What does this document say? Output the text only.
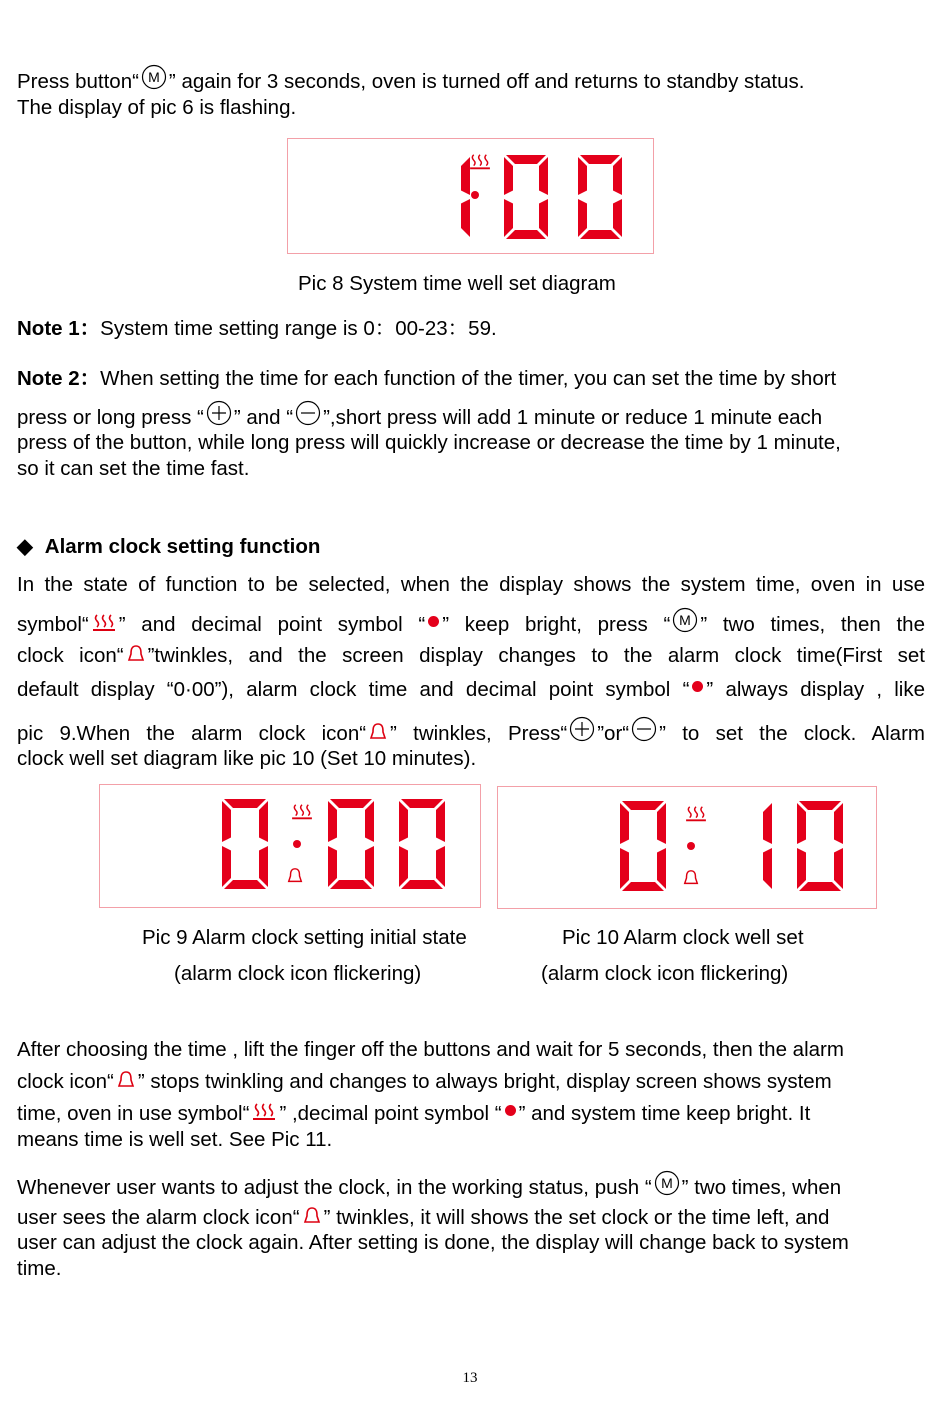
Press button“ M ” again for 3 seconds, oven is turned off and returns to standby status.
The display of pic 6 is flashing.
Pic 8 System time well set diagram
Note 1：System time setting range is 0：00-23：59.
Note 2：When setting the time for each function of the timer, you can set the time by short
press or long press “ ” and “ ”,short press will add 1 minute or reduce 1 minute each
press of the button, while long press will quickly increase or decrease the time by 1 minute,
so it can set the time fast.
◆ Alarm clock setting function
In the state of function to be selected, when the display shows the system time, oven in use
symbol“ ” and decimal point symbol “ ” keep bright, press “ M ” two times, then the
clock icon“ ”twinkles, and the screen display changes to the alarm clock time(First set
default display “0·00”), alarm clock time and decimal point symbol “ ” always display , like
pic 9.When the alarm clock icon“ ” twinkles, Press“ ”or“ ” to set the clock. Alarm
clock well set diagram like pic 10 (Set 10 minutes).
Pic 9 Alarm clock setting initial state
(alarm clock icon flickering)
Pic 10 Alarm clock well set
(alarm clock icon flickering)
After choosing the time , lift the finger off the buttons and wait for 5 seconds, then the alarm
clock icon“ ” stops twinkling and changes to always bright, display screen shows system
time, oven in use symbol“ ” ,decimal point symbol “ ” and system time keep bright. It
means time is well set. See Pic 11.
Whenever user wants to adjust the clock, in the working status, push “ M ” two times, when
user sees the alarm clock icon“ ” twinkles, it will shows the set clock or the time left, and
user can adjust the clock again. After setting is done, the display will change back to system
time.
13
